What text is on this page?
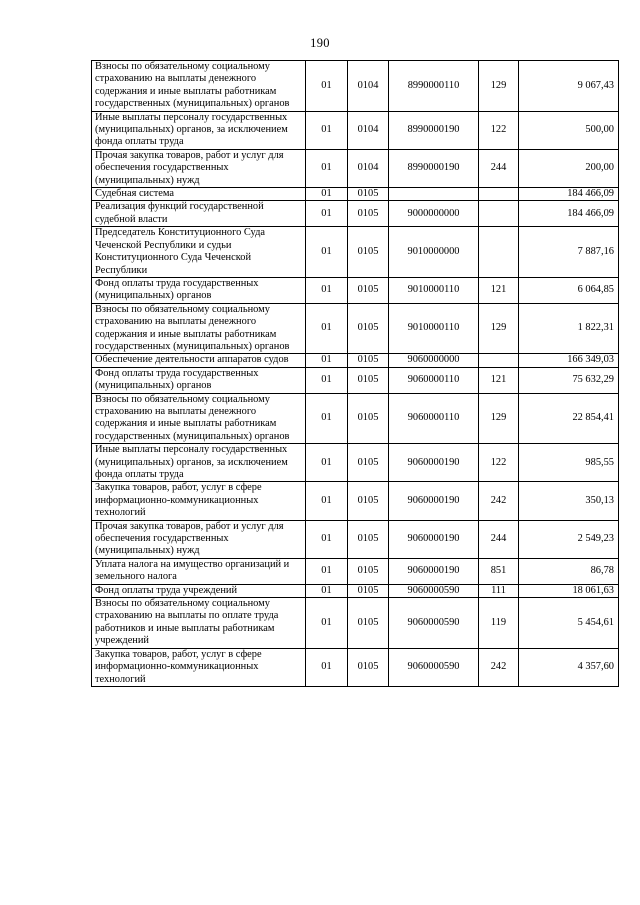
190
Взносы по обязательному социальному страхованию на выплаты денежного содержания и иные выплаты работникам государственных (муниципальных) органов	01	0104	8990000110	129	9 067,43
Иные выплаты персоналу государственных (муниципальных) органов, за исключением фонда оплаты труда	01	0104	8990000190	122	500,00
Прочая закупка товаров, работ и услуг для обеспечения государственных (муниципальных) нужд	01	0104	8990000190	244	200,00
Судебная система	01	0105			184 466,09
Реализация функций государственной судебной власти	01	0105	9000000000		184 466,09
Председатель Конституционного Суда Чеченской Республики и судьи Конституционного Суда Чеченской Республики	01	0105	9010000000		7 887,16
Фонд оплаты труда государственных (муниципальных) органов	01	0105	9010000110	121	6 064,85
Взносы по обязательному социальному страхованию на выплаты денежного содержания и иные выплаты работникам государственных (муниципальных) органов	01	0105	9010000110	129	1 822,31
Обеспечение деятельности аппаратов судов	01	0105	9060000000		166 349,03
Фонд оплаты труда государственных (муниципальных) органов	01	0105	9060000110	121	75 632,29
Взносы по обязательному социальному страхованию на выплаты денежного содержания и иные выплаты работникам государственных (муниципальных) органов	01	0105	9060000110	129	22 854,41
Иные выплаты персоналу государственных (муниципальных) органов, за исключением фонда оплаты труда	01	0105	9060000190	122	985,55
Закупка товаров, работ, услуг в сфере информационно-коммуникационных технологий	01	0105	9060000190	242	350,13
Прочая закупка товаров, работ и услуг для обеспечения государственных (муниципальных) нужд	01	0105	9060000190	244	2 549,23
Уплата налога на имущество организаций и земельного налога	01	0105	9060000190	851	86,78
Фонд оплаты труда учреждений	01	0105	9060000590	111	18 061,63
Взносы по обязательному социальному страхованию на выплаты по оплате труда работников и иные выплаты работникам учреждений	01	0105	9060000590	119	5 454,61
Закупка товаров, работ, услуг в сфере информационно-коммуникационных технологий	01	0105	9060000590	242	4 357,60
